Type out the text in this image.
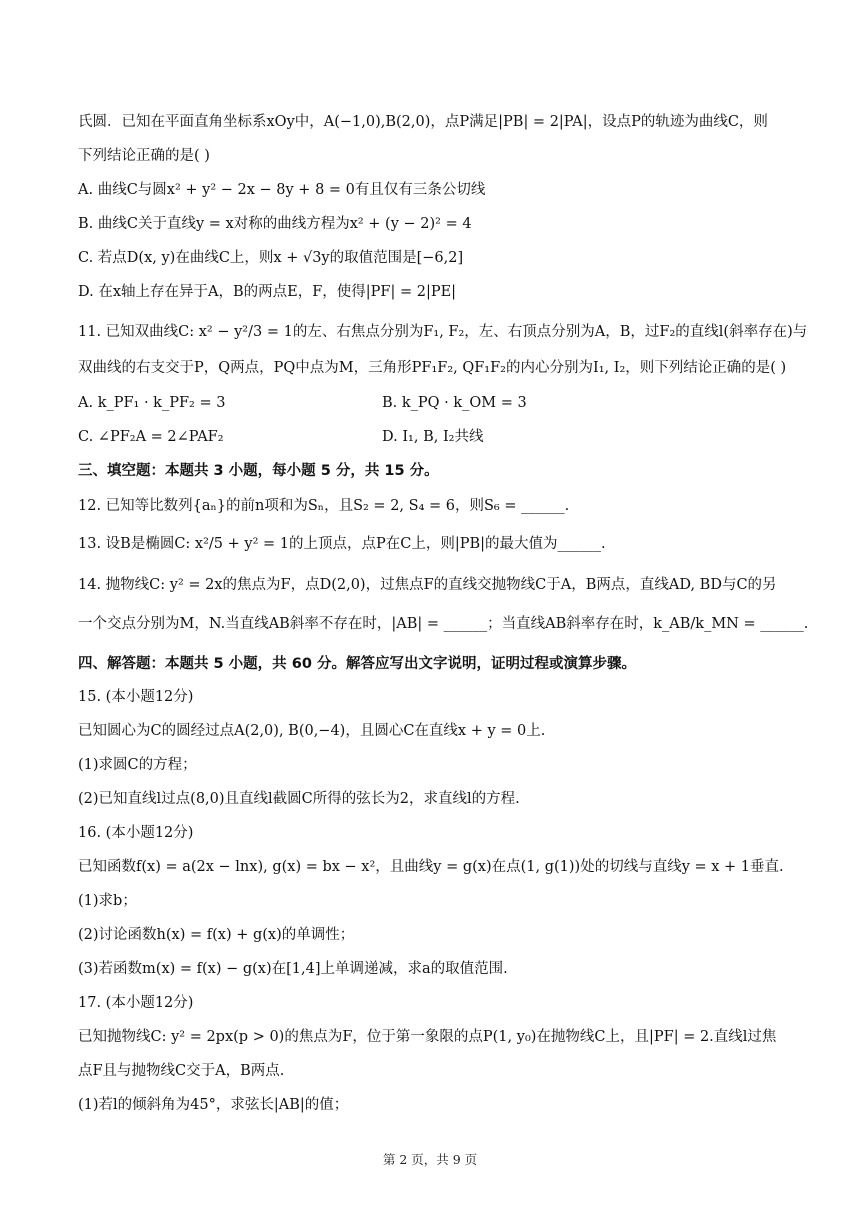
氏圆．已知在平面直角坐标系xOy中，A(−1,0),B(2,0)，点P满足|PB| = 2|PA|，设点P的轨迹为曲线C，则
下列结论正确的是( )
A. 曲线C与圆x² + y² − 2x − 8y + 8 = 0有且仅有三条公切线
B. 曲线C关于直线y = x对称的曲线方程为x² + (y − 2)² = 4
C. 若点D(x, y)在曲线C上，则x + √3y的取值范围是[−6,2]
D. 在x轴上存在异于A，B的两点E，F，使得|PF| = 2|PE|
11. 已知双曲线C: x² − y²/3 = 1的左、右焦点分别为F₁, F₂，左、右顶点分别为A，B，过F₂的直线l(斜率存在)与
双曲线的右支交于P，Q两点，PQ中点为M，三角形PF₁F₂, QF₁F₂的内心分别为I₁, I₂，则下列结论正确的是( )
A. k_PF₁ · k_PF₂ = 3	B. k_PQ · k_OM = 3
C. ∠PF₂A = 2∠PAF₂	D. I₁, B, I₂共线
三、填空题：本题共 3 小题，每小题 5 分，共 15 分。
12. 已知等比数列{aₙ}的前n项和为Sₙ，且S₂ = 2, S₄ = 6，则S₆ = ______.
13. 设B是椭圆C: x²/5 + y² = 1的上顶点，点P在C上，则|PB|的最大值为______.
14. 抛物线C: y² = 2x的焦点为F，点D(2,0)，过焦点F的直线交抛物线C于A，B两点，直线AD, BD与C的另
一个交点分别为M，N.当直线AB斜率不存在时，|AB| = ______；当直线AB斜率存在时，k_AB/k_MN = ______.
四、解答题：本题共 5 小题，共 60 分。解答应写出文字说明，证明过程或演算步骤。
15. (本小题12分)
已知圆心为C的圆经过点A(2,0), B(0,−4)，且圆心C在直线x + y = 0上.
(1)求圆C的方程；
(2)已知直线l过点(8,0)且直线l截圆C所得的弦长为2，求直线l的方程.
16. (本小题12分)
已知函数f(x) = a(2x − lnx), g(x) = bx − x²，且曲线y = g(x)在点(1, g(1))处的切线与直线y = x + 1垂直.
(1)求b；
(2)讨论函数h(x) = f(x) + g(x)的单调性；
(3)若函数m(x) = f(x) − g(x)在[1,4]上单调递减，求a的取值范围.
17. (本小题12分)
已知抛物线C: y² = 2px(p > 0)的焦点为F，位于第一象限的点P(1, y₀)在抛物线C上，且|PF| = 2.直线l过焦
点F且与抛物线C交于A，B两点.
(1)若l的倾斜角为45°，求弦长|AB|的值；
第 2 页，共 9 页
